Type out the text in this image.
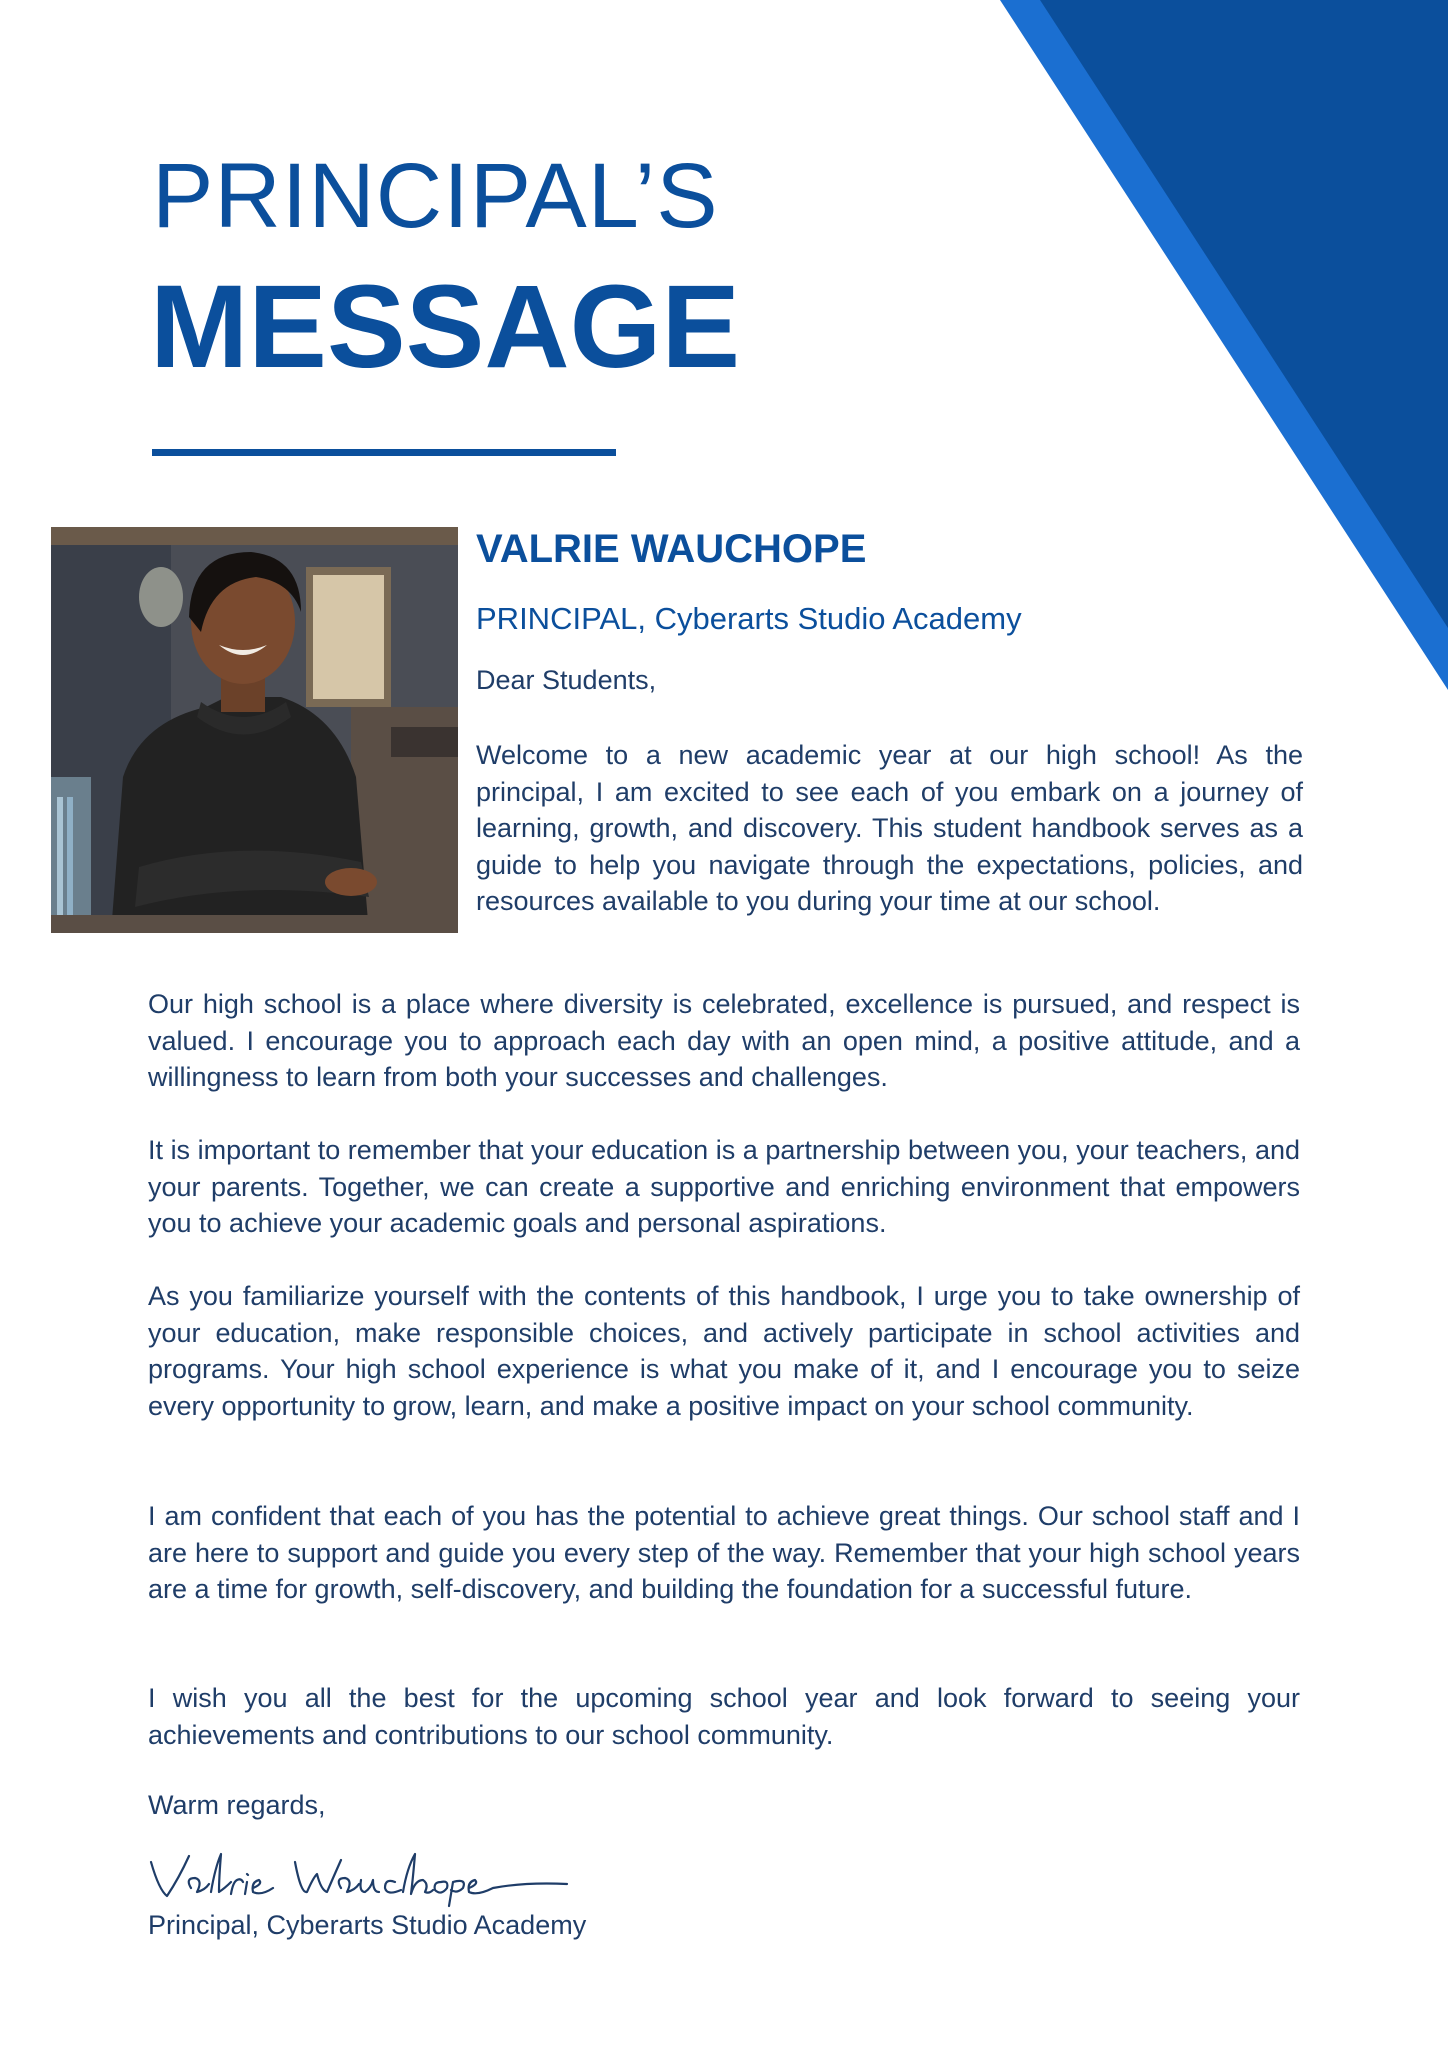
PRINCIPAL’S
MESSAGE
VALRIE WAUCHOPE
PRINCIPAL, Cyberarts Studio Academy
Dear Students,

Welcome to a new academic year at our high school! As the principal, I am excited to see each of you embark on a journey of learning, growth, and discovery. This student handbook serves as a guide to help you navigate through the expectations, policies, and resources available to you during your time at our school.

Our high school is a place where diversity is celebrated, excellence is pursued, and respect is valued. I encourage you to approach each day with an open mind, a positive attitude, and a willingness to learn from both your successes and challenges.

It is important to remember that your education is a partnership between you, your teachers, and your parents. Together, we can create a supportive and enriching environment that empowers you to achieve your academic goals and personal aspirations.

As you familiarize yourself with the contents of this handbook, I urge you to take ownership of your education, make responsible choices, and actively participate in school activities and programs. Your high school experience is what you make of it, and I encourage you to seize every opportunity to grow, learn, and make a positive impact on your school community.

I am confident that each of you has the potential to achieve great things. Our school staff and I are here to support and guide you every step of the way. Remember that your high school years are a time for growth, self-discovery, and building the foundation for a successful future.

I wish you all the best for the upcoming school year and look forward to seeing your achievements and contributions to our school community.

Warm regards,
Principal, Cyberarts Studio Academy
